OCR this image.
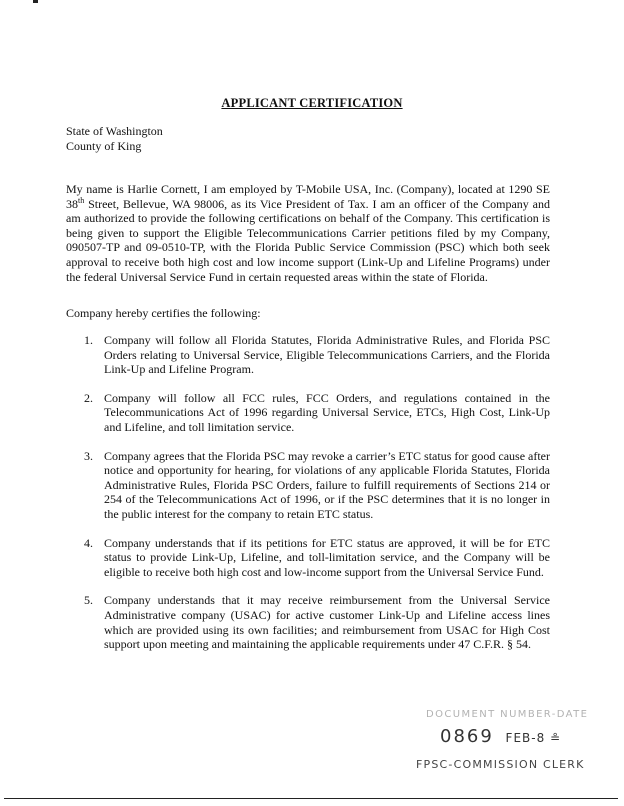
APPLICANT CERTIFICATION
State of Washington
County of King

My name is Harlie Cornett, I am employed by T-Mobile USA, Inc. (Company), located at 1290 SE 38th Street, Bellevue, WA 98006, as its Vice President of Tax. I am an officer of the Company and am authorized to provide the following certifications on behalf of the Company. This certification is being given to support the Eligible Telecommunications Carrier petitions filed by my Company, 090507-TP and 09-0510-TP, with the Florida Public Service Commission (PSC) which both seek approval to receive both high cost and low income support (Link-Up and Lifeline Programs) under the federal Universal Service Fund in certain requested areas within the state of Florida.

Company hereby certifies the following:

1. Company will follow all Florida Statutes, Florida Administrative Rules, and Florida PSC Orders relating to Universal Service, Eligible Telecommunications Carriers, and the Florida Link-Up and Lifeline Program.
2. Company will follow all FCC rules, FCC Orders, and regulations contained in the Telecommunications Act of 1996 regarding Universal Service, ETCs, High Cost, Link-Up and Lifeline, and toll limitation service.
3. Company agrees that the Florida PSC may revoke a carrier’s ETC status for good cause after notice and opportunity for hearing, for violations of any applicable Florida Statutes, Florida Administrative Rules, Florida PSC Orders, failure to fulfill requirements of Sections 214 or 254 of the Telecommunications Act of 1996, or if the PSC determines that it is no longer in the public interest for the company to retain ETC status.
4. Company understands that if its petitions for ETC status are approved, it will be for ETC status to provide Link-Up, Lifeline, and toll-limitation service, and the Company will be eligible to receive both high cost and low-income support from the Universal Service Fund.
5. Company understands that it may receive reimbursement from the Universal Service Administrative company (USAC) for active customer Link-Up and Lifeline access lines which are provided using its own facilities; and reimbursement from USAC for High Cost support upon meeting and maintaining the applicable requirements under 47 C.F.R. § 54.
DOCUMENT NUMBER-DATE
0869 FEB-8 ≗
FPSC-COMMISSION CLERK
